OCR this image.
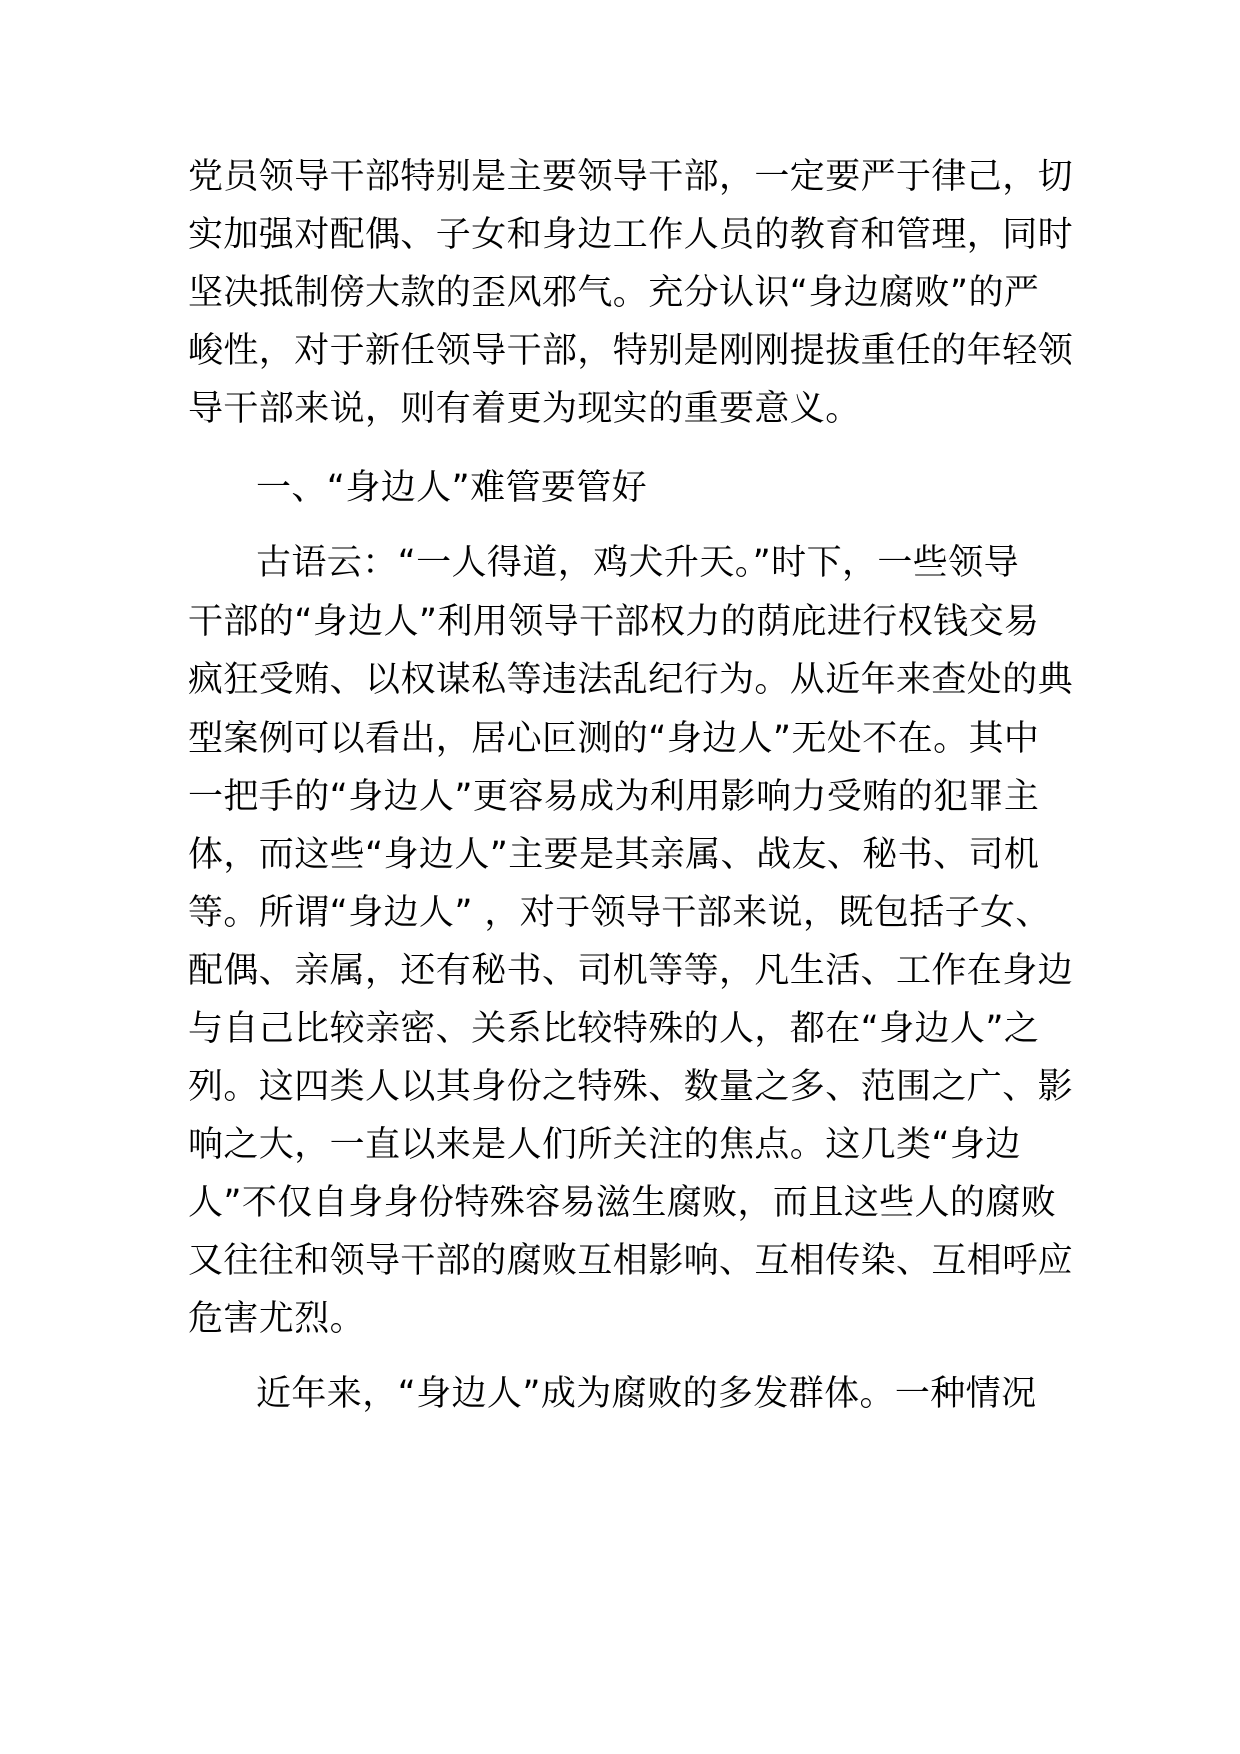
党员领导干部特别是主要领导干部，一定要严于律己，切
实加强对配偶、子女和身边工作人员的教育和管理，同时
坚决抵制傍大款的歪风邪气。充分认识“身边腐败”的严
峻性，对于新任领导干部，特别是刚刚提拔重任的年轻领
导干部来说，则有着更为现实的重要意义。
一、“身边人”难管要管好
古语云：“一人得道，鸡犬升天。”时下，一些领导
干部的“身边人”利用领导干部权力的荫庇进行权钱交易
疯狂受贿、以权谋私等违法乱纪行为。从近年来查处的典
型案例可以看出，居心叵测的“身边人”无处不在。其中
一把手的“身边人”更容易成为利用影响力受贿的犯罪主
体，而这些“身边人”主要是其亲属、战友、秘书、司机
等。所谓“身边人” ，对于领导干部来说，既包括子女、
配偶、亲属，还有秘书、司机等等，凡生活、工作在身边
与自己比较亲密、关系比较特殊的人，都在“身边人”之
列。这四类人以其身份之特殊、数量之多、范围之广、影
响之大，一直以来是人们所关注的焦点。这几类“身边
人”不仅自身身份特殊容易滋生腐败，而且这些人的腐败
又往往和领导干部的腐败互相影响、互相传染、互相呼应
危害尤烈。
近年来，“身边人”成为腐败的多发群体。一种情况
